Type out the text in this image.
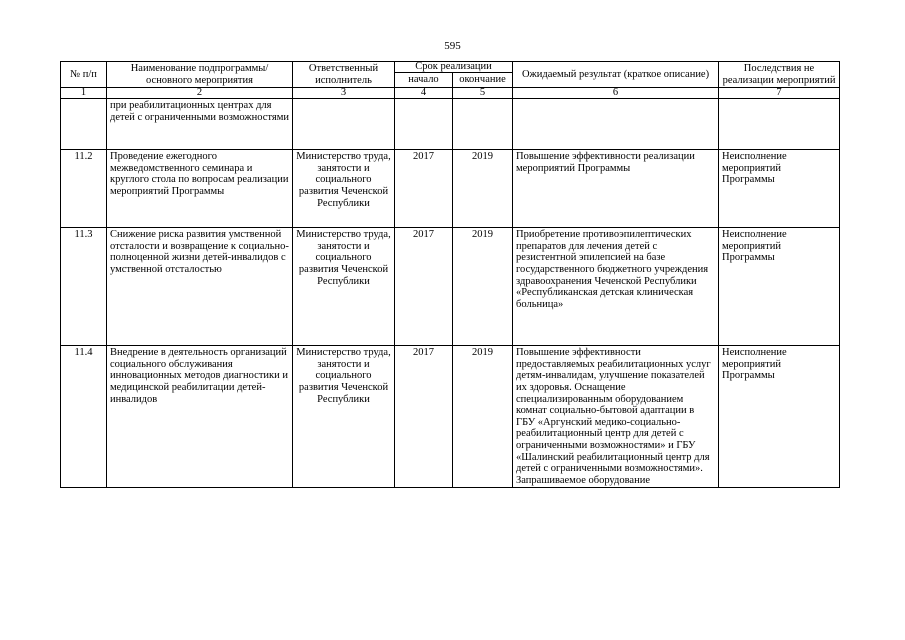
595
№ п/п	Наименование подпрограммы/ основного мероприятия	Ответственный исполнитель	Срок реализации		Ожидаемый результат (краткое описание)	Последствия не реализации мероприятий
			начало	окончание		
1	2	3	4	5	6	7
	при реабилитационных центрах для детей с ограниченными возможностями					
11.2	Проведение ежегодного межведомственного семинара и круглого стола по вопросам реализации мероприятий Программы	Министерство труда, занятости и социального развития Чеченской Республики	2017	2019	Повышение эффективности реализации мероприятий Программы	Неисполнение мероприятий Программы
11.3	Снижение риска развития умственной отсталости и возвращение к социально-полноценной жизни детей-инвалидов с умственной отсталостью	Министерство труда, занятости и социального развития Чеченской Республики	2017	2019	Приобретение противоэпилептических препаратов для лечения детей с резистентной эпилепсией на базе государственного бюджетного учреждения здравоохранения Чеченской Республики «Республиканская детская клиническая больница»	Неисполнение мероприятий Программы
11.4	Внедрение в деятельность организаций социального обслуживания инновационных методов диагностики и медицинской реабилитации детей-инвалидов	Министерство труда, занятости и социального развития Чеченской Республики	2017	2019	Повышение эффективности предоставляемых реабилитационных услуг детям-инвалидам, улучшение показателей их здоровья. Оснащение специализированным оборудованием комнат социально-бытовой адаптации в ГБУ «Аргунский медико-социально-реабилитационный центр для детей с ограниченными возможностями» и ГБУ «Шалинский реабилитационный центр для детей с ограниченными возможностями». Запрашиваемое оборудование	Неисполнение мероприятий Программы
